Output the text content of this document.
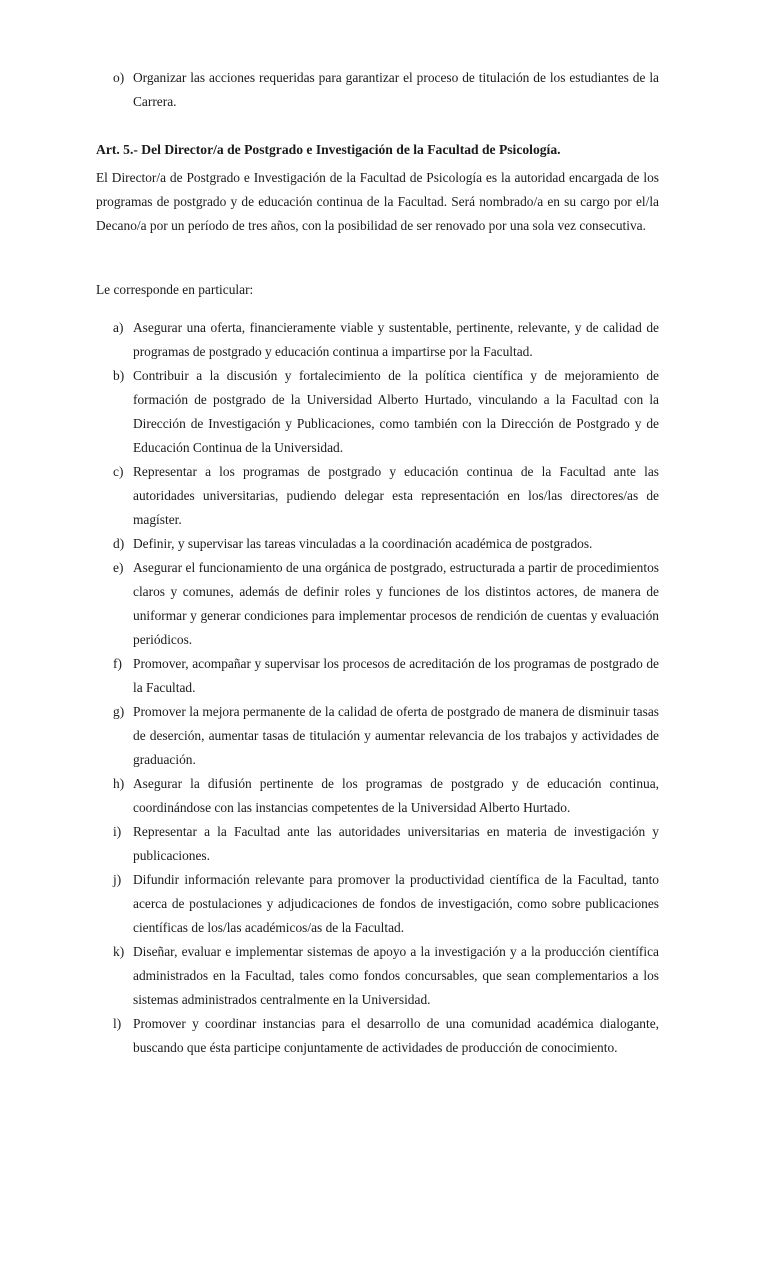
o) Organizar las acciones requeridas para garantizar el proceso de titulación de los estudiantes de la Carrera.
Art. 5.- Del Director/a de Postgrado e Investigación de la Facultad de Psicología.
El Director/a de Postgrado e Investigación de la Facultad de Psicología es la autoridad encargada de los programas de postgrado y de educación continua de la Facultad. Será nombrado/a en su cargo por el/la Decano/a por un período de tres años, con la posibilidad de ser renovado por una sola vez consecutiva.
Le corresponde en particular:
a) Asegurar una oferta, financieramente viable y sustentable, pertinente, relevante, y de calidad de programas de postgrado y educación continua a impartirse por la Facultad.
b) Contribuir a la discusión y fortalecimiento de la política científica y de mejoramiento de formación de postgrado de la Universidad Alberto Hurtado, vinculando a la Facultad con la Dirección de Investigación y Publicaciones, como también con la Dirección de Postgrado y de Educación Continua de la Universidad.
c) Representar a los programas de postgrado y educación continua de la Facultad ante las autoridades universitarias, pudiendo delegar esta representación en los/las directores/as de magíster.
d) Definir, y supervisar las tareas vinculadas a la coordinación académica de postgrados.
e) Asegurar el funcionamiento de una orgánica de postgrado, estructurada a partir de procedimientos claros y comunes, además de definir roles y funciones de los distintos actores, de manera de uniformar y generar condiciones para implementar procesos de rendición de cuentas y evaluación periódicos.
f) Promover, acompañar y supervisar los procesos de acreditación de los programas de postgrado de la Facultad.
g) Promover la mejora permanente de la calidad de oferta de postgrado de manera de disminuir tasas de deserción, aumentar tasas de titulación y aumentar relevancia de los trabajos y actividades de graduación.
h) Asegurar la difusión pertinente de los programas de postgrado y de educación continua, coordinándose con las instancias competentes de la Universidad Alberto Hurtado.
i) Representar a la Facultad ante las autoridades universitarias en materia de investigación y publicaciones.
j) Difundir información relevante para promover la productividad científica de la Facultad, tanto acerca de postulaciones y adjudicaciones de fondos de investigación, como sobre publicaciones científicas de los/las académicos/as de la Facultad.
k) Diseñar, evaluar e implementar sistemas de apoyo a la investigación y a la producción científica administrados en la Facultad, tales como fondos concursables, que sean complementarios a los sistemas administrados centralmente en la Universidad.
l) Promover y coordinar instancias para el desarrollo de una comunidad académica dialogante, buscando que ésta participe conjuntamente de actividades de producción de conocimiento.
